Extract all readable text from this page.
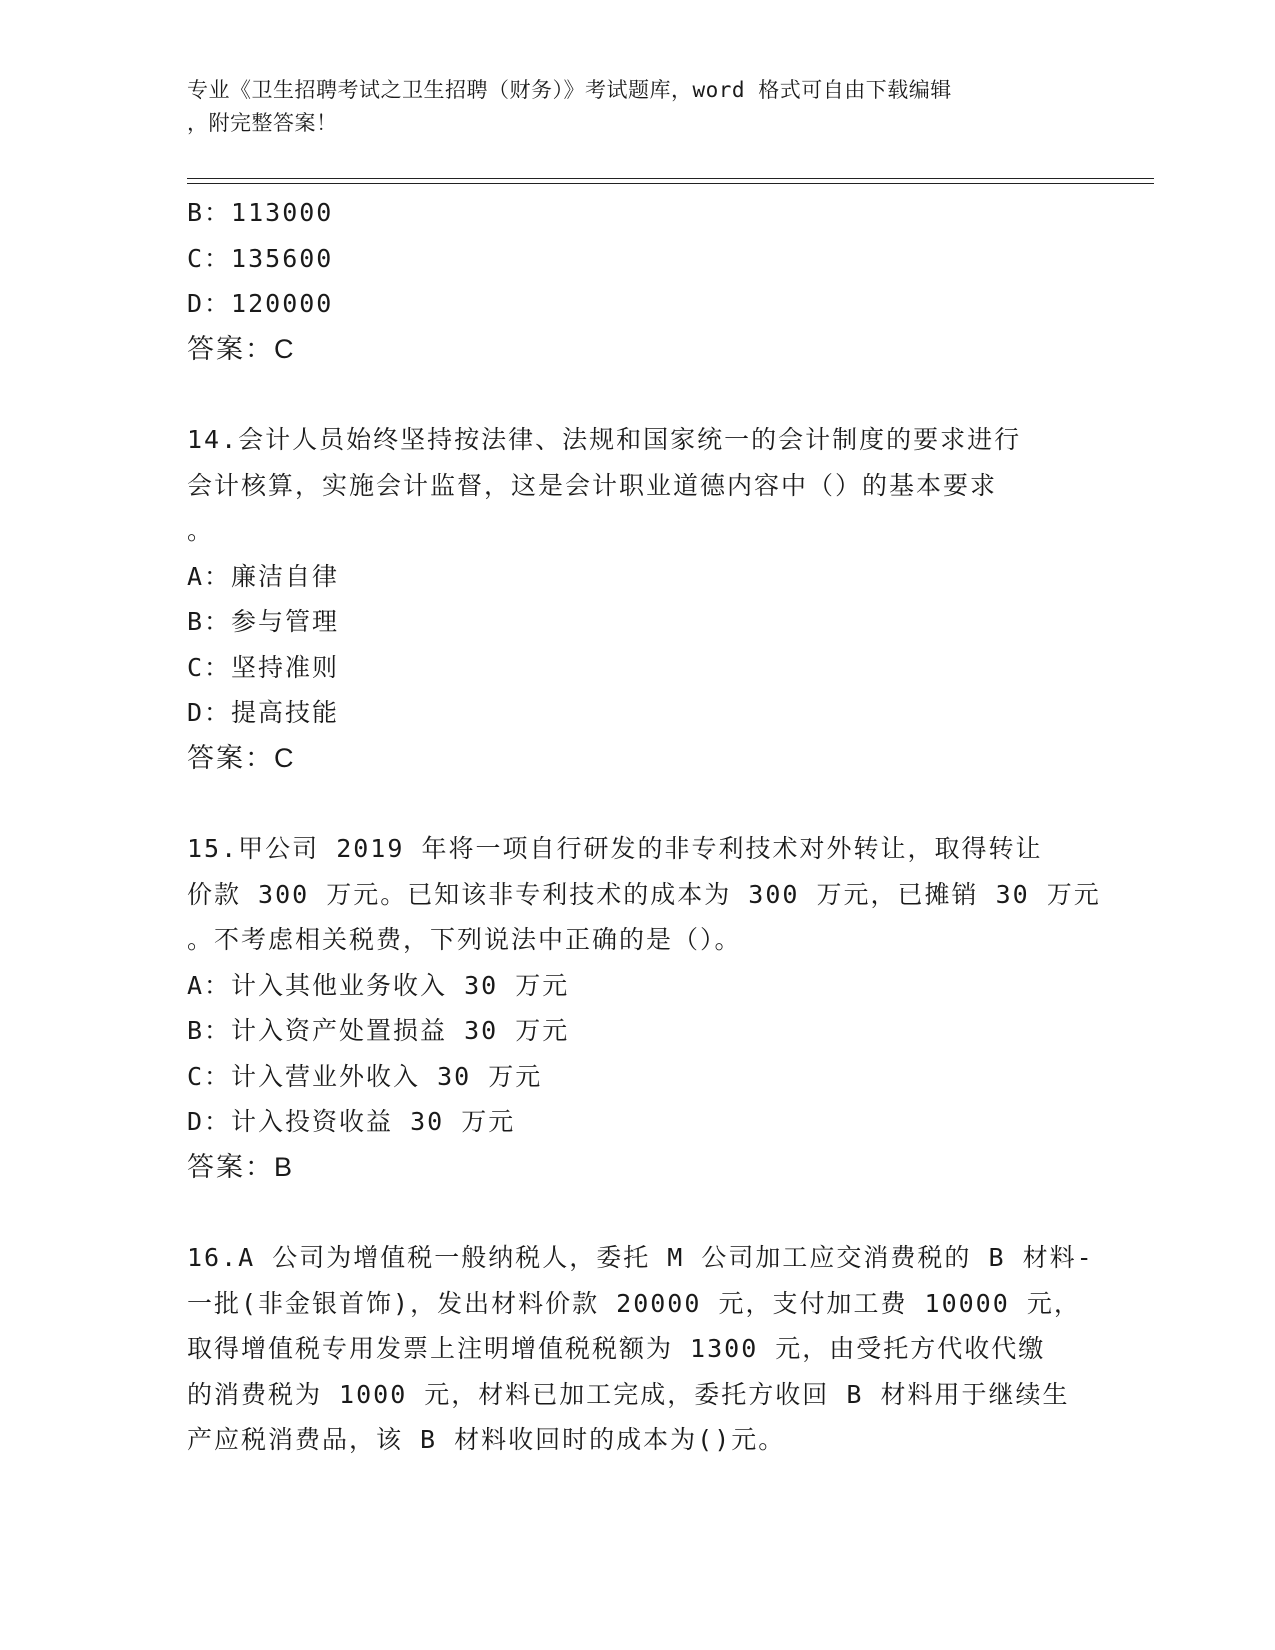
专业《卫生招聘考试之卫生招聘（财务）》考试题库，word 格式可自由下载编辑
，附完整答案！
B：113000
C：135600
D：120000
答案：C
14.会计人员始终坚持按法律、法规和国家统一的会计制度的要求进行
会计核算，实施会计监督，这是会计职业道德内容中（）的基本要求
。
A：廉洁自律
B：参与管理
C：坚持准则
D：提高技能
答案：C
15.甲公司 2019 年将一项自行研发的非专利技术对外转让，取得转让
价款 300 万元。已知该非专利技术的成本为 300 万元，已摊销 30 万元
。不考虑相关税费，下列说法中正确的是（）。
A：计入其他业务收入 30 万元
B：计入资产处置损益 30 万元
C：计入营业外收入 30 万元
D：计入投资收益 30 万元
答案：B
16.A 公司为增值税一般纳税人，委托 M 公司加工应交消费税的 B 材料-
一批(非金银首饰)，发出材料价款 20000 元，支付加工费 10000 元，
取得增值税专用发票上注明增值税税额为 1300 元，由受托方代收代缴
的消费税为 1000 元，材料已加工完成，委托方收回 B 材料用于继续生
产应税消费品，该 B 材料收回时的成本为()元。
